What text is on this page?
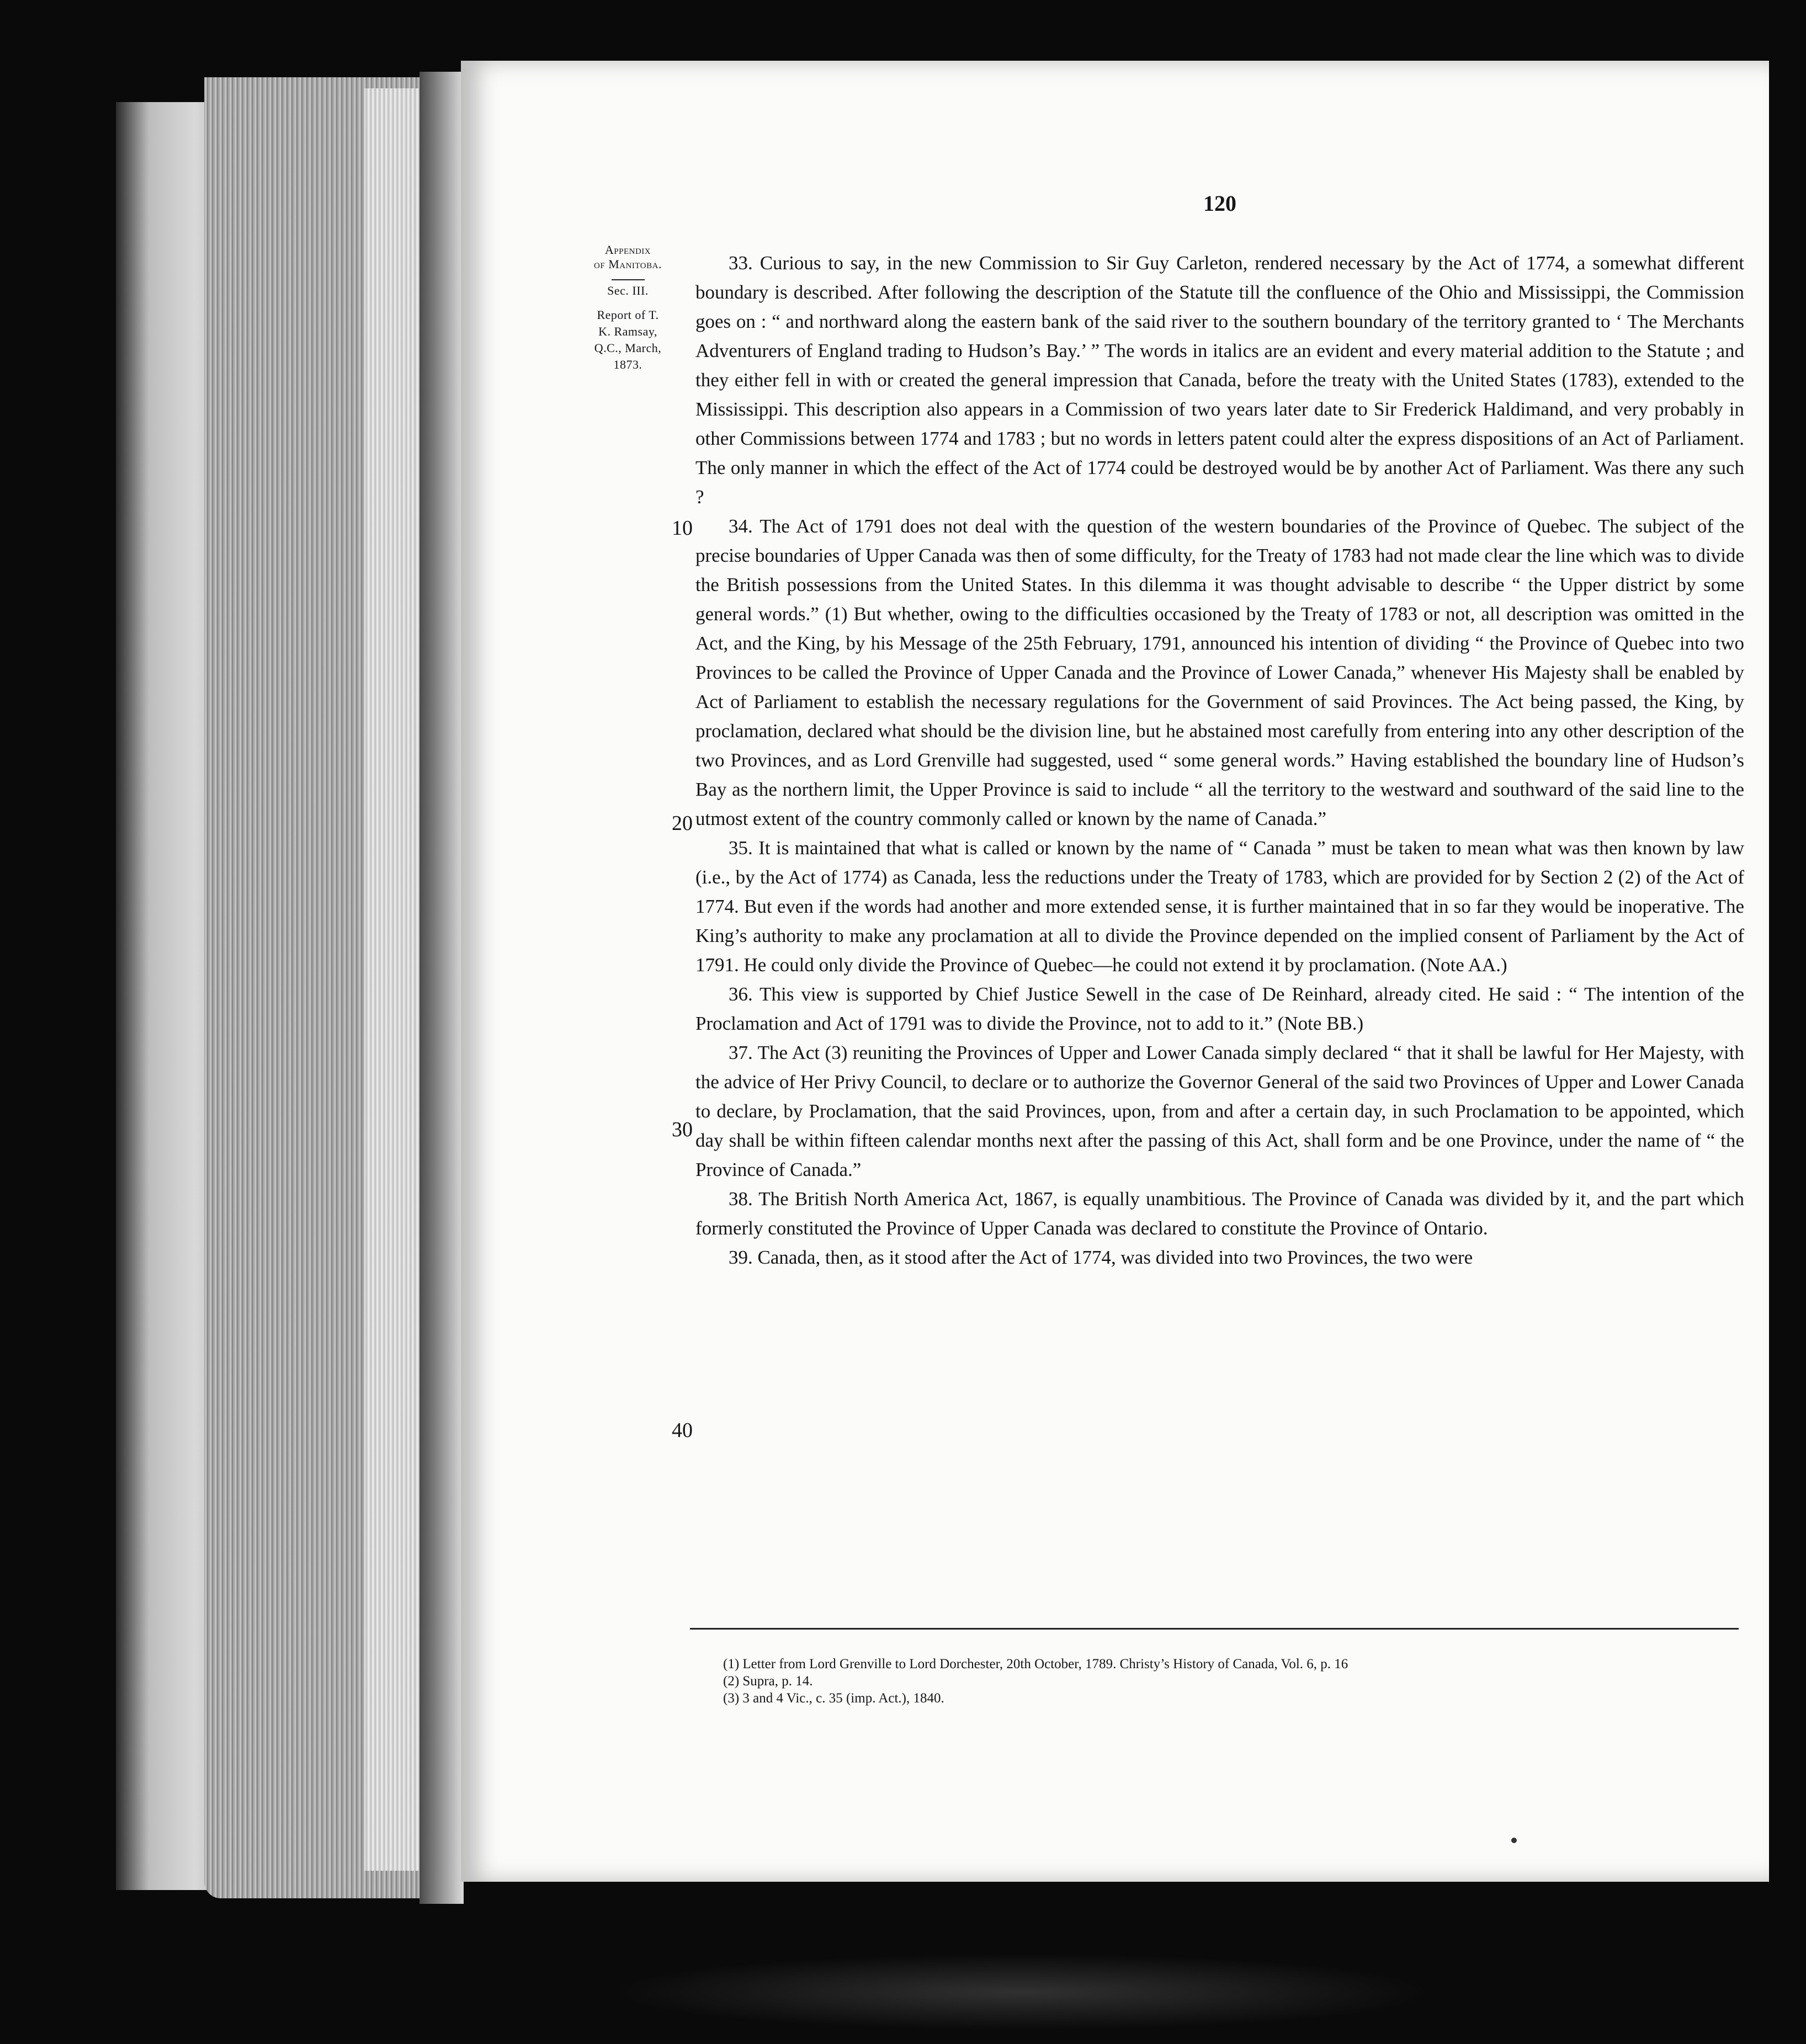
120
Appendix
of Manitoba.
Sec. III.
Report of T.
K. Ramsay,
Q.C., March,
1873.
10
20
30
40

33. Curious to say, in the new Commission to Sir Guy Carleton, rendered necessary by the Act of 1774, a somewhat different boundary is described. After following the description of the Statute till the confluence of the Ohio and Mississippi, the Commission goes on : “ and northward along the eastern bank of the said river to the southern boundary of the territory granted to ‘ The Merchants Adventurers of England trading to Hudson’s Bay.’ ” The words in italics are an evident and every material addition to the Statute ; and they either fell in with or created the general impression that Canada, before the treaty with the United States (1783), extended to the Mississippi. This description also appears in a Commission of two years later date to Sir Frederick Haldimand, and very probably in other Commissions between 1774 and 1783 ; but no words in letters patent could alter the express dispositions of an Act of Parliament. The only manner in which the effect of the Act of 1774 could be destroyed would be by another Act of Parliament. Was there any such ?

34. The Act of 1791 does not deal with the question of the western boundaries of the Province of Quebec. The subject of the precise boundaries of Upper Canada was then of some difficulty, for the Treaty of 1783 had not made clear the line which was to divide the British possessions from the United States. In this dilemma it was thought advisable to describe “ the Upper district by some general words.” (1) But whether, owing to the difficulties occasioned by the Treaty of 1783 or not, all description was omitted in the Act, and the King, by his Message of the 25th February, 1791, announced his intention of dividing “ the Province of Quebec into two Provinces to be called the Province of Upper Canada and the Province of Lower Canada,” whenever His Majesty shall be enabled by Act of Parliament to establish the necessary regulations for the Government of said Provinces. The Act being passed, the King, by proclamation, declared what should be the division line, but he abstained most carefully from entering into any other description of the two Provinces, and as Lord Grenville had suggested, used “ some general words.” Having established the boundary line of Hudson’s Bay as the northern limit, the Upper Province is said to include “ all the territory to the westward and southward of the said line to the utmost extent of the country commonly called or known by the name of Canada.”

35. It is maintained that what is called or known by the name of “ Canada ” must be taken to mean what was then known by law (i.e., by the Act of 1774) as Canada, less the reductions under the Treaty of 1783, which are provided for by Section 2 (2) of the Act of 1774. But even if the words had another and more extended sense, it is further maintained that in so far they would be inoperative. The King’s authority to make any proclamation at all to divide the Province depended on the implied consent of Parliament by the Act of 1791. He could only divide the Province of Quebec—he could not extend it by proclamation. (Note AA.)

36. This view is supported by Chief Justice Sewell in the case of De Reinhard, already cited. He said : “ The intention of the Proclamation and Act of 1791 was to divide the Province, not to add to it.” (Note BB.)

37. The Act (3) reuniting the Provinces of Upper and Lower Canada simply declared “ that it shall be lawful for Her Majesty, with the advice of Her Privy Council, to declare or to authorize the Governor General of the said two Provinces of Upper and Lower Canada to declare, by Proclamation, that the said Provinces, upon, from and after a certain day, in such Proclamation to be appointed, which day shall be within fifteen calendar months next after the passing of this Act, shall form and be one Province, under the name of “ the Province of Canada.”

38. The British North America Act, 1867, is equally unambitious. The Province of Canada was divided by it, and the part which formerly constituted the Province of Upper Canada was declared to constitute the Province of Ontario.

39. Canada, then, as it stood after the Act of 1774, was divided into two Provinces, the two were

(1) Letter from Lord Grenville to Lord Dorchester, 20th October, 1789. Christy’s History of Canada, Vol. 6, p. 16
(2) Supra, p. 14.
(3) 3 and 4 Vic., c. 35 (imp. Act.), 1840.
